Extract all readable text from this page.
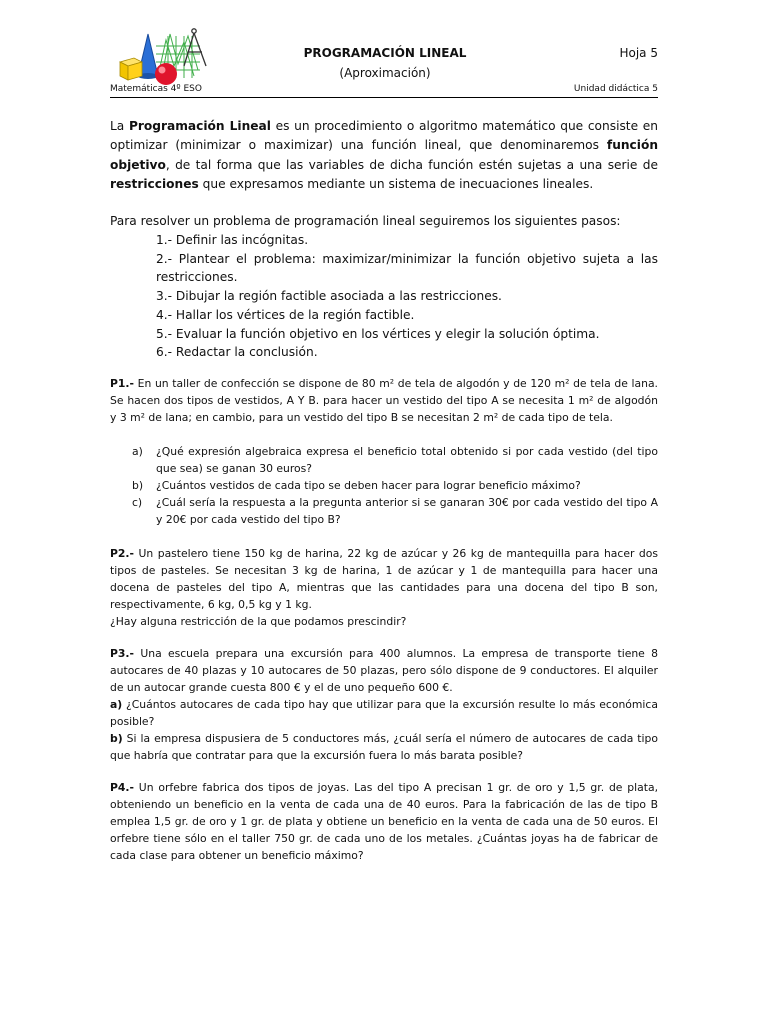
PROGRAMACIÓN LINEAL
(Aproximación)
Hoja 5
Matemáticas 4º ESO	Unidad didáctica 5

La Programación Lineal es un procedimiento o algoritmo matemático que consiste en optimizar (minimizar o maximizar) una función lineal, que denominaremos función objetivo, de tal forma que las variables de dicha función estén sujetas a una serie de restricciones que expresamos mediante un sistema de inecuaciones lineales.

Para resolver un problema de programación lineal seguiremos los siguientes pasos:
1.- Definir las incógnitas.
2.- Plantear el problema: maximizar/minimizar la función objetivo sujeta a las restricciones.
3.- Dibujar la región factible asociada a las restricciones.
4.- Hallar los vértices de la región factible.
5.- Evaluar la función objetivo en los vértices y elegir la solución óptima.
6.- Redactar la conclusión.

P1.- En un taller de confección se dispone de 80 m² de tela de algodón y de 120 m² de tela de lana. Se hacen dos tipos de vestidos, A Y B. para hacer un vestido del tipo A se necesita 1 m² de algodón y 3 m² de lana; en cambio, para un vestido del tipo B se necesitan 2 m² de cada tipo de tela.

a) ¿Qué expresión algebraica expresa el beneficio total obtenido si por cada vestido (del tipo que sea) se ganan 30 euros?
b) ¿Cuántos vestidos de cada tipo se deben hacer para lograr beneficio máximo?
c) ¿Cuál sería la respuesta a la pregunta anterior si se ganaran 30€ por cada vestido del tipo A y 20€ por cada vestido del tipo B?
P2.- Un pastelero tiene 150 kg de harina, 22 kg de azúcar y 26 kg de mantequilla para hacer dos tipos de pasteles. Se necesitan 3 kg de harina, 1 de azúcar y 1 de mantequilla para hacer una docena de pasteles del tipo A, mientras que las cantidades para una docena del tipo B son, respectivamente, 6 kg, 0,5 kg y 1 kg.
¿Hay alguna restricción de la que podamos prescindir?
P3.- Una escuela prepara una excursión para 400 alumnos. La empresa de transporte tiene 8 autocares de 40 plazas y 10 autocares de 50 plazas, pero sólo dispone de 9 conductores. El alquiler de un autocar grande cuesta 800 € y el de uno pequeño 600 €.
a) ¿Cuántos autocares de cada tipo hay que utilizar para que la excursión resulte lo más económica posible?
b) Si la empresa dispusiera de 5 conductores más, ¿cuál sería el número de autocares de cada tipo que habría que contratar para que la excursión fuera lo más barata posible?

P4.- Un orfebre fabrica dos tipos de joyas. Las del tipo A precisan 1 gr. de oro y 1,5 gr. de plata, obteniendo un beneficio en la venta de cada una de 40 euros. Para la fabricación de las de tipo B emplea 1,5 gr. de oro y 1 gr. de plata y obtiene un beneficio en la venta de cada una de 50 euros. El orfebre tiene sólo en el taller 750 gr. de cada uno de los metales. ¿Cuántas joyas ha de fabricar de cada clase para obtener un beneficio máximo?
